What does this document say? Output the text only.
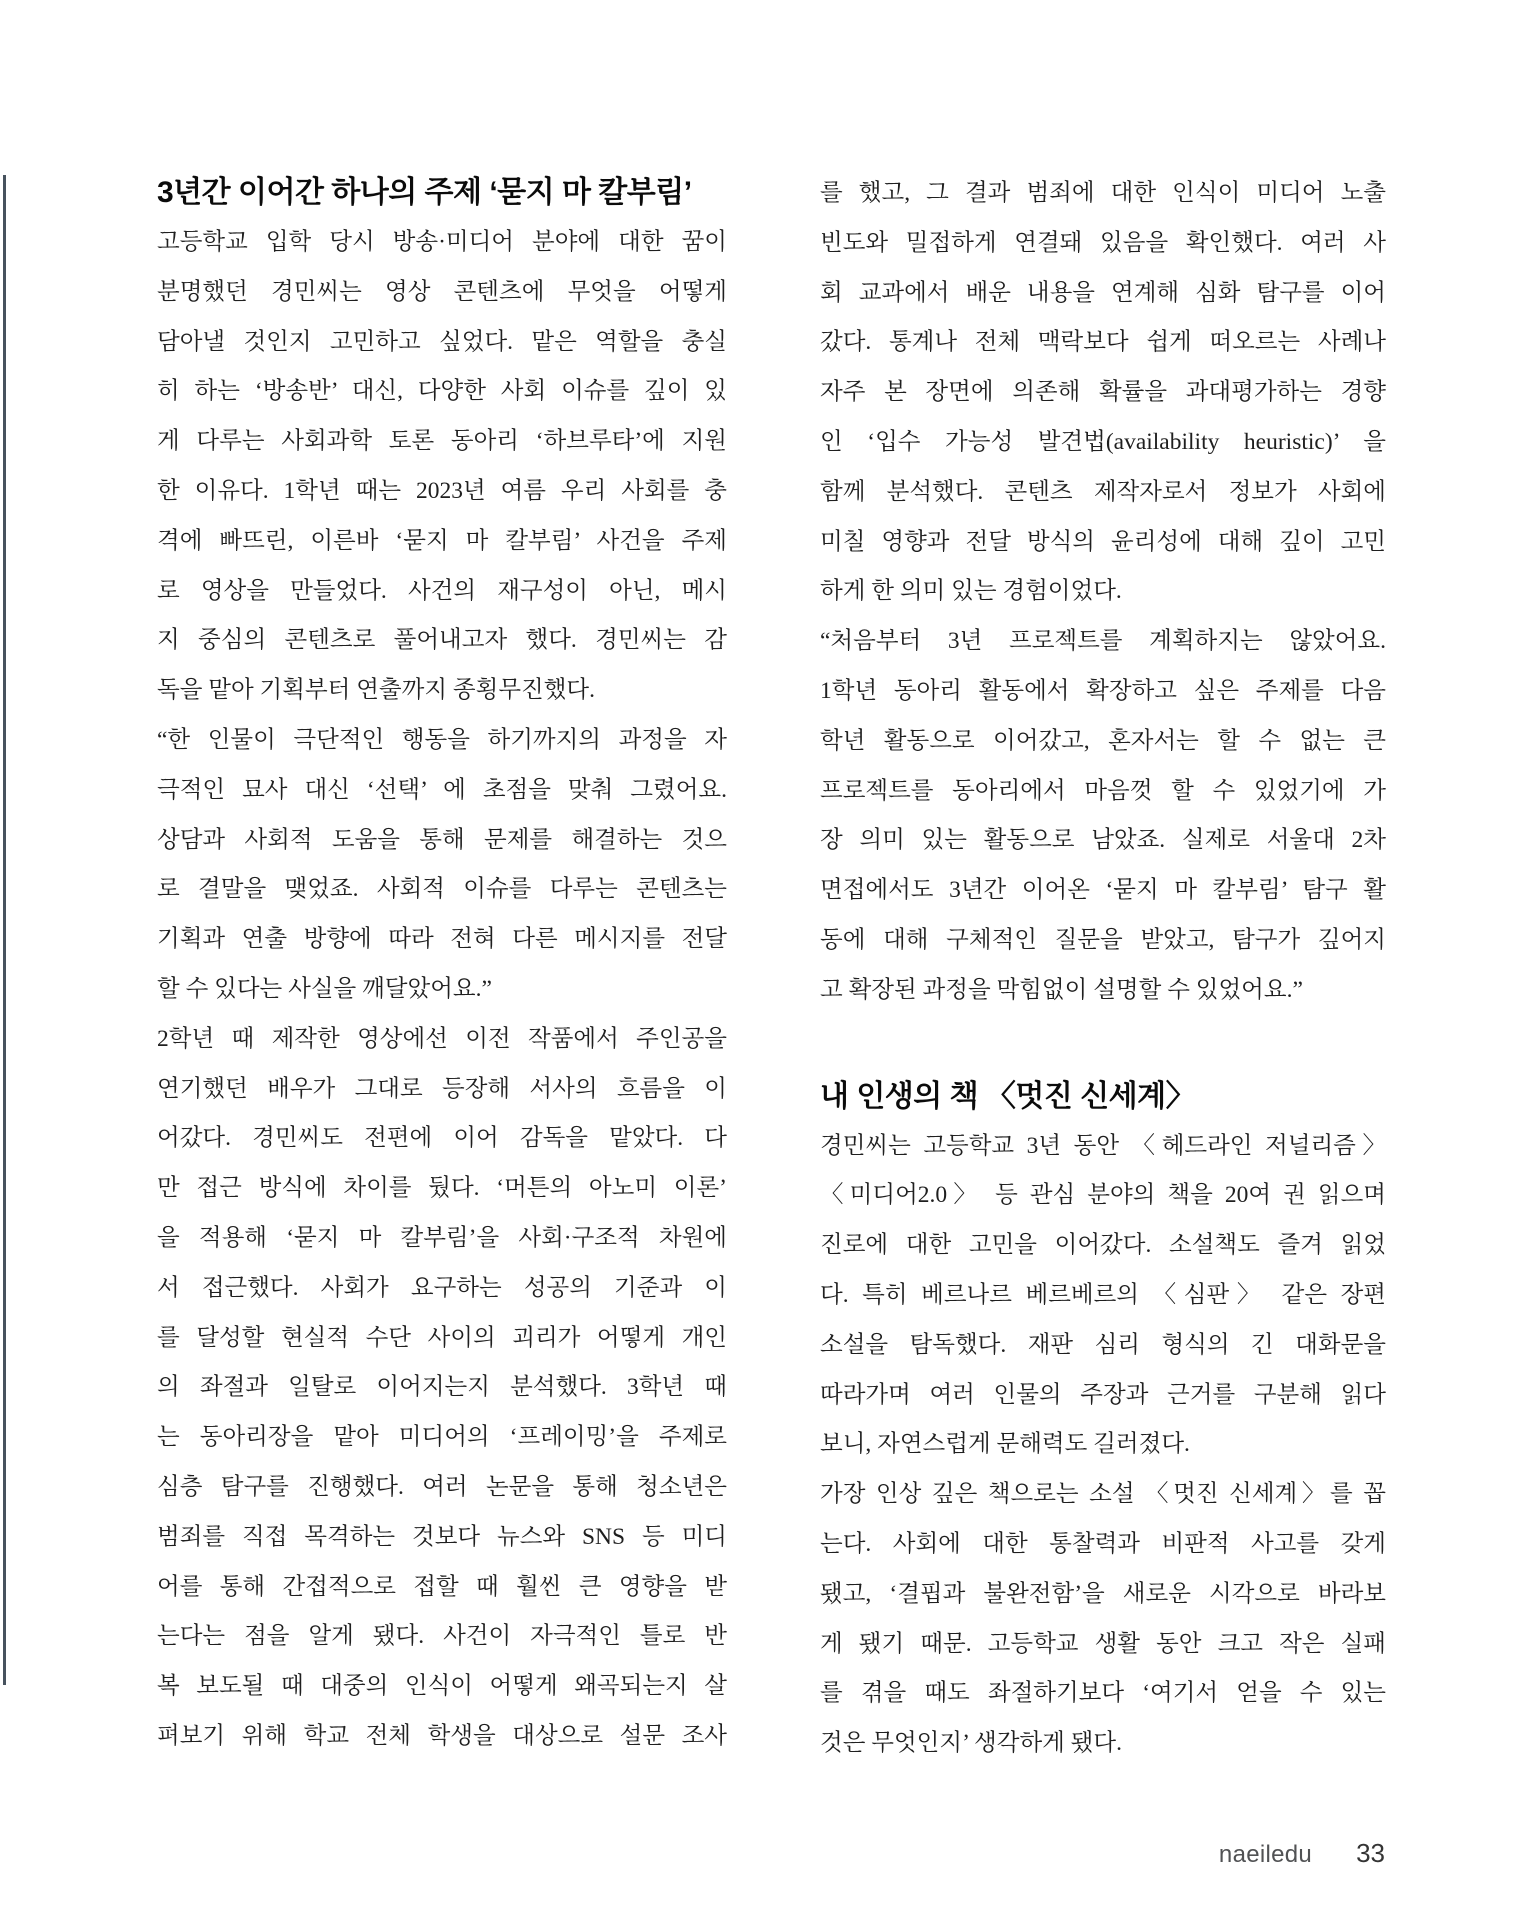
3년간 이어간 하나의 주제 ‘묻지 마 칼부림’
고등학교 입학 당시 방송·미디어 분야에 대한 꿈이
분명했던 경민씨는 영상 콘텐츠에 무엇을 어떻게
담아낼 것인지 고민하고 싶었다. 맡은 역할을 충실
히 하는 ‘방송반’ 대신, 다양한 사회 이슈를 깊이 있
게 다루는 사회과학 토론 동아리 ‘하브루타’에 지원
한 이유다. 1학년 때는 2023년 여름 우리 사회를 충
격에 빠뜨린, 이른바 ‘묻지 마 칼부림’ 사건을 주제
로 영상을 만들었다. 사건의 재구성이 아닌, 메시
지 중심의 콘텐츠로 풀어내고자 했다. 경민씨는 감
독을 맡아 기획부터 연출까지 종횡무진했다.
“한 인물이 극단적인 행동을 하기까지의 과정을 자
극적인 묘사 대신 ‘선택’ 에 초점을 맞춰 그렸어요.
상담과 사회적 도움을 통해 문제를 해결하는 것으
로 결말을 맺었죠. 사회적 이슈를 다루는 콘텐츠는
기획과 연출 방향에 따라 전혀 다른 메시지를 전달
할 수 있다는 사실을 깨달았어요.”
2학년 때 제작한 영상에선 이전 작품에서 주인공을
연기했던 배우가 그대로 등장해 서사의 흐름을 이
어갔다. 경민씨도 전편에 이어 감독을 맡았다. 다
만 접근 방식에 차이를 뒀다. ‘머튼의 아노미 이론’
을 적용해 ‘묻지 마 칼부림’을 사회·구조적 차원에
서 접근했다. 사회가 요구하는 성공의 기준과 이
를 달성할 현실적 수단 사이의 괴리가 어떻게 개인
의 좌절과 일탈로 이어지는지 분석했다. 3학년 때
는 동아리장을 맡아 미디어의 ‘프레이밍’을 주제로
심층 탐구를 진행했다. 여러 논문을 통해 청소년은
범죄를 직접 목격하는 것보다 뉴스와 SNS 등 미디
어를 통해 간접적으로 접할 때 훨씬 큰 영향을 받
는다는 점을 알게 됐다. 사건이 자극적인 틀로 반
복 보도될 때 대중의 인식이 어떻게 왜곡되는지 살
펴보기 위해 학교 전체 학생을 대상으로 설문 조사
를 했고, 그 결과 범죄에 대한 인식이 미디어 노출
빈도와 밀접하게 연결돼 있음을 확인했다. 여러 사
회 교과에서 배운 내용을 연계해 심화 탐구를 이어
갔다. 통계나 전체 맥락보다 쉽게 떠오르는 사례나
자주 본 장면에 의존해 확률을 과대평가하는 경향
인 ‘입수 가능성 발견법(availability heuristic)’ 을
함께 분석했다. 콘텐츠 제작자로서 정보가 사회에
미칠 영향과 전달 방식의 윤리성에 대해 깊이 고민
하게 한 의미 있는 경험이었다.
“처음부터 3년 프로젝트를 계획하지는 않았어요.
1학년 동아리 활동에서 확장하고 싶은 주제를 다음
학년 활동으로 이어갔고, 혼자서는 할 수 없는 큰
프로젝트를 동아리에서 마음껏 할 수 있었기에 가
장 의미 있는 활동으로 남았죠. 실제로 서울대 2차
면접에서도 3년간 이어온 ‘묻지 마 칼부림’ 탐구 활
동에 대해 구체적인 질문을 받았고, 탐구가 깊어지
고 확장된 과정을 막힘없이 설명할 수 있었어요.”
내 인생의 책 〈멋진 신세계〉
경민씨는 고등학교 3년 동안 〈헤드라인 저널리즘〉
〈미디어2.0〉 등 관심 분야의 책을 20여 권 읽으며
진로에 대한 고민을 이어갔다. 소설책도 즐겨 읽었
다. 특히 베르나르 베르베르의 〈심판〉 같은 장편
소설을 탐독했다. 재판 심리 형식의 긴 대화문을
따라가며 여러 인물의 주장과 근거를 구분해 읽다
보니, 자연스럽게 문해력도 길러졌다.
가장 인상 깊은 책으로는 소설 〈멋진 신세계〉를 꼽
는다. 사회에 대한 통찰력과 비판적 사고를 갖게
됐고, ‘결핍과 불완전함’을 새로운 시각으로 바라보
게 됐기 때문. 고등학교 생활 동안 크고 작은 실패
를 겪을 때도 좌절하기보다 ‘여기서 얻을 수 있는
것은 무엇인지’ 생각하게 됐다.
naeiledu 33
